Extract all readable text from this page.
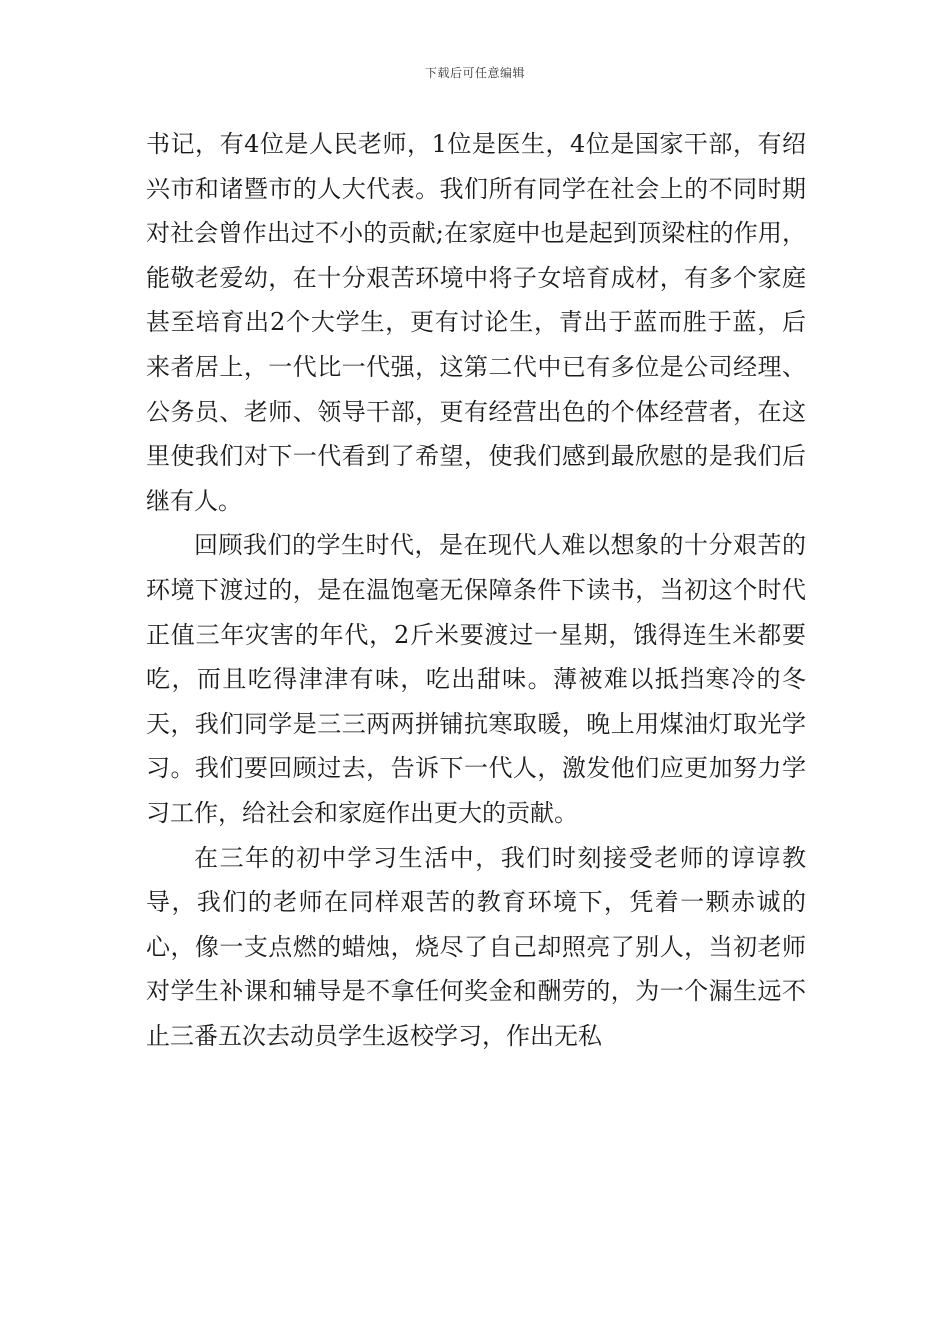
下载后可任意编辑

书记，有4位是人民老师，1位是医生，4位是国家干部，有绍兴市和诸暨市的人大代表。我们所有同学在社会上的不同时期对社会曾作出过不小的贡献;在家庭中也是起到顶梁柱的作用，能敬老爱幼，在十分艰苦环境中将子女培育成材，有多个家庭甚至培育出2个大学生，更有讨论生，青出于蓝而胜于蓝，后来者居上，一代比一代强，这第二代中已有多位是公司经理、公务员、老师、领导干部，更有经营出色的个体经营者，在这里使我们对下一代看到了希望，使我们感到最欣慰的是我们后继有人。

回顾我们的学生时代，是在现代人难以想象的十分艰苦的环境下渡过的，是在温饱毫无保障条件下读书，当初这个时代正值三年灾害的年代，2斤米要渡过一星期，饿得连生米都要吃，而且吃得津津有味，吃出甜味。薄被难以抵挡寒冷的冬天，我们同学是三三两两拼铺抗寒取暖，晚上用煤油灯取光学习。我们要回顾过去，告诉下一代人，激发他们应更加努力学习工作，给社会和家庭作出更大的贡献。

在三年的初中学习生活中，我们时刻接受老师的谆谆教导，我们的老师在同样艰苦的教育环境下，凭着一颗赤诚的心，像一支点燃的蜡烛，烧尽了自己却照亮了别人，当初老师对学生补课和辅导是不拿任何奖金和酬劳的，为一个漏生远不止三番五次去动员学生返校学习，作出无私
